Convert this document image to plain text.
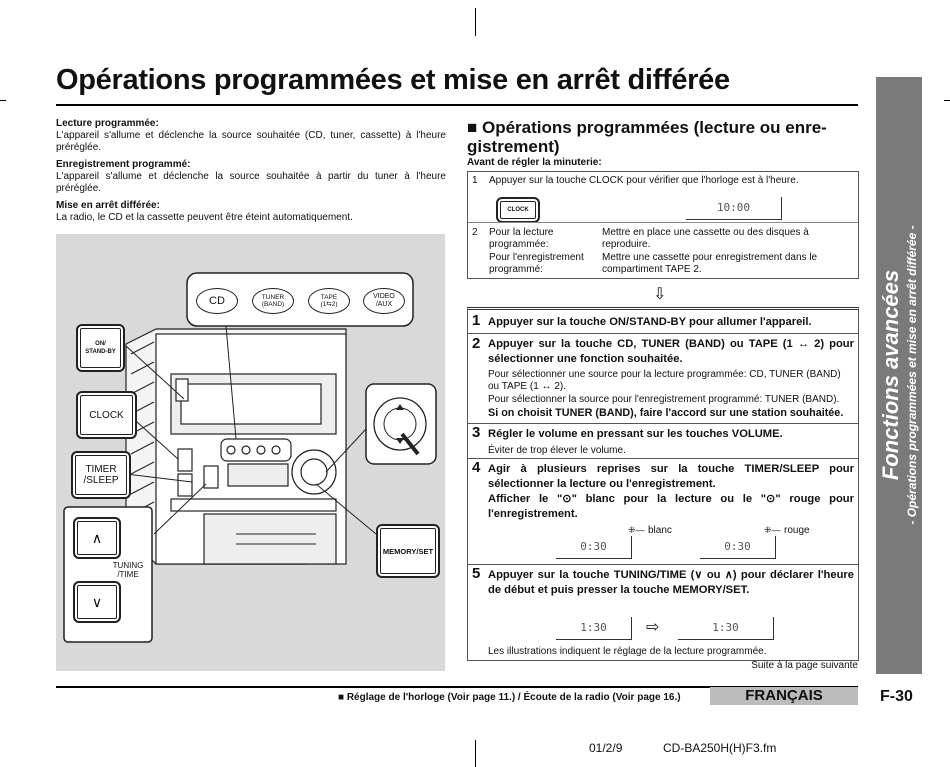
Opérations programmées et mise en arrêt différée
Fonctions avancées - Opérations programmées et mise en arrêt différée -
Lecture programmée:
L'appareil s'allume et déclenche la source souhaitée (CD, tuner, cassette) à l'heure préréglée.
Enregistrement programmé:
L'appareil s'allume et déclenche la source souhaitée à partir du tuner à l'heure préréglée.
Mise en arrêt différée:
La radio, le CD et la cassette peuvent être éteint automatiquement.
ON/
STAND-BY
CLOCK
TIMER
/SLEEP
∧
∨
TUNING
/TIME
MEMORY/SET
CD	TUNER
(BAND)
TAPE
(1⇆2)
VIDEO
/AUX
■ Opérations programmées (lecture ou enre-
gistrement)
Avant de régler la minuterie:
1 Appuyer sur la touche CLOCK pour vérifier que l'horloge est à l'heure.
CLOCK	10:00
2 Pour la lecture programmée:
Mettre en place une cassette ou des disques à reproduire.
Pour l'enregistrement programmé:
Mettre une cassette pour enregistrement dans le compartiment TAPE 2.
⇩
1 Appuyer sur la touche ON/STAND-BY pour allumer l'appareil.
2 Appuyer sur la touche CD, TUNER (BAND) ou TAPE (1 ↔ 2) pour sélectionner une fonction souhaitée.
Pour sélectionner une source pour la lecture programmée: CD, TUNER (BAND) ou TAPE (1 ↔ 2).
Pour sélectionner la source pour l'enregistrement programmé: TUNER (BAND).
Si on choisit TUNER (BAND), faire l'accord sur une station souhaitée.
3 Régler le volume en pressant sur les touches VOLUME.
Éviter de trop élever le volume.
4 Agir à plusieurs reprises sur la touche TIMER/SLEEP pour sélectionner la lecture ou l'enregistrement.
Afficher le "⊙" blanc pour la lecture ou le "⊙" rouge pour l'enregistrement.
0:30
⁜— blanc
0:30
⁜— rouge
5 Appuyer sur la touche TUNING/TIME (∨ ou ∧) pour déclarer l'heure de début et puis presser la touche MEMORY/SET.
1:30	⇨	1:30
Les illustrations indiquent le réglage de la lecture programmée.
Suite à la page suivante
■ Réglage de l'horloge (Voir page 11.) / Écoute de la radio (Voir page 16.)	FRANÇAIS	F-30
01/2/9	CD-BA250H(H)F3.fm
